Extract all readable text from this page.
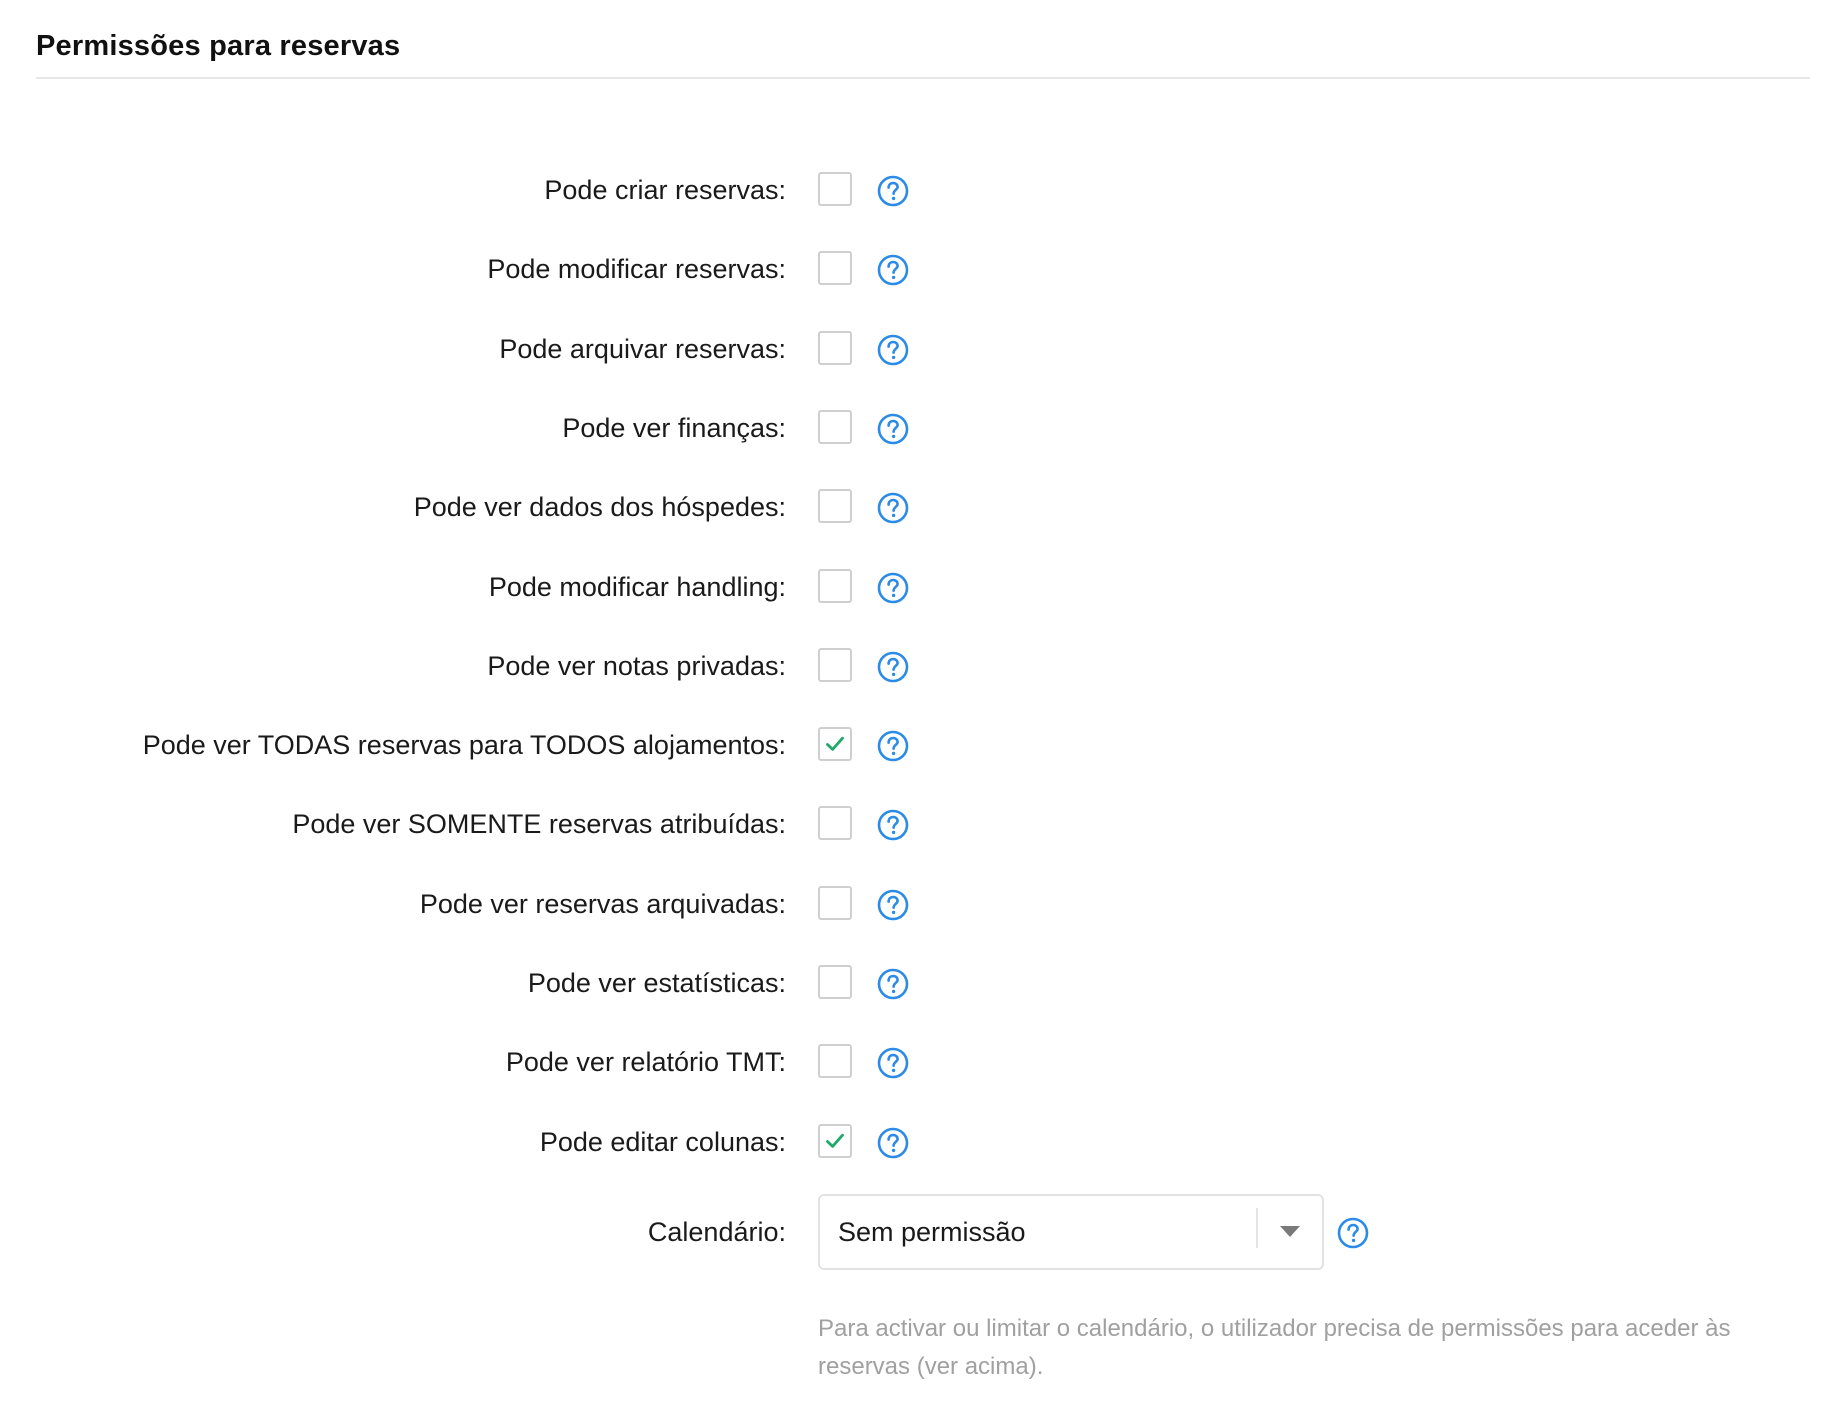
Permissões para reservas
Pode criar reservas:
Pode modificar reservas:
Pode arquivar reservas:
Pode ver finanças:
Pode ver dados dos hóspedes:
Pode modificar handling:
Pode ver notas privadas:
Pode ver TODAS reservas para TODOS alojamentos:
Pode ver SOMENTE reservas atribuídas:
Pode ver reservas arquivadas:
Pode ver estatísticas:
Pode ver relatório TMT:
Pode editar colunas:
Calendário: Sem permissão
Para activar ou limitar o calendário, o utilizador precisa de permissões para aceder às reservas (ver acima).
